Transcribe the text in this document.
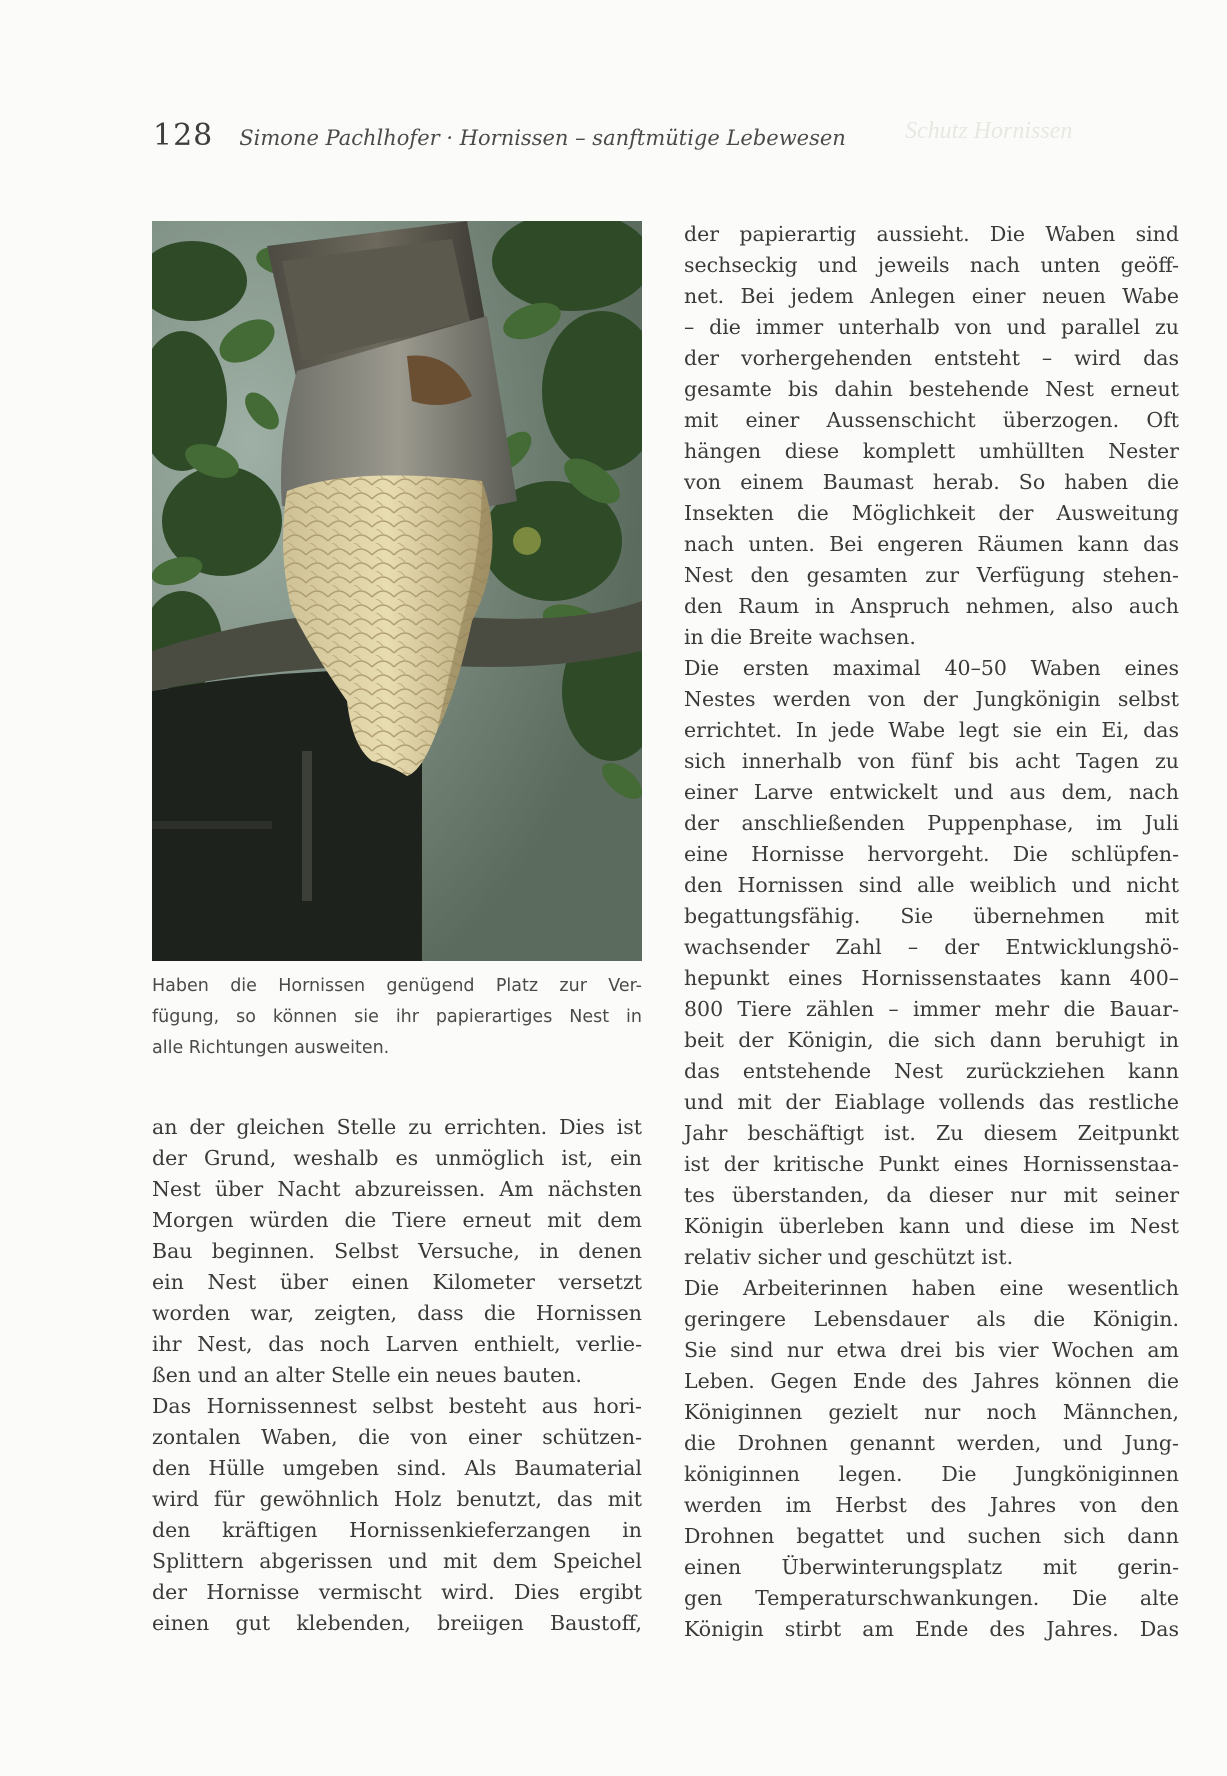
Schutz Hornissen
128 Simone Pachlhofer · Hornissen – sanftmütige Lebewesen

Haben die Hornissen genügend Platz zur Ver-
fügung, so können sie ihr papierartiges Nest in
alle Richtungen ausweiten.

an der gleichen Stelle zu errichten. Dies ist
der Grund, weshalb es unmöglich ist, ein
Nest über Nacht abzureissen. Am nächsten
Morgen würden die Tiere erneut mit dem
Bau beginnen. Selbst Versuche, in denen
ein Nest über einen Kilometer versetzt
worden war, zeigten, dass die Hornissen
ihr Nest, das noch Larven enthielt, verlie-
ßen und an alter Stelle ein neues bauten.
Das Hornissennest selbst besteht aus hori-
zontalen Waben, die von einer schützen-
den Hülle umgeben sind. Als Baumaterial
wird für gewöhnlich Holz benutzt, das mit
den kräftigen Hornissenkieferzangen in
Splittern abgerissen und mit dem Speichel
der Hornisse vermischt wird. Dies ergibt
einen gut klebenden, breiigen Baustoff,
der papierartig aussieht. Die Waben sind
sechseckig und jeweils nach unten geöff-
net. Bei jedem Anlegen einer neuen Wabe
– die immer unterhalb von und parallel zu
der vorhergehenden entsteht – wird das
gesamte bis dahin bestehende Nest erneut
mit einer Aussenschicht überzogen. Oft
hängen diese komplett umhüllten Nester
von einem Baumast herab. So haben die
Insekten die Möglichkeit der Ausweitung
nach unten. Bei engeren Räumen kann das
Nest den gesamten zur Verfügung stehen-
den Raum in Anspruch nehmen, also auch
in die Breite wachsen.
Die ersten maximal 40–50 Waben eines
Nestes werden von der Jungkönigin selbst
errichtet. In jede Wabe legt sie ein Ei, das
sich innerhalb von fünf bis acht Tagen zu
einer Larve entwickelt und aus dem, nach
der anschließenden Puppenphase, im Juli
eine Hornisse hervorgeht. Die schlüpfen-
den Hornissen sind alle weiblich und nicht
begattungsfähig. Sie übernehmen mit
wachsender Zahl – der Entwicklungshö-
hepunkt eines Hornissenstaates kann 400–
800 Tiere zählen – immer mehr die Bauar-
beit der Königin, die sich dann beruhigt in
das entstehende Nest zurückziehen kann
und mit der Eiablage vollends das restliche
Jahr beschäftigt ist. Zu diesem Zeitpunkt
ist der kritische Punkt eines Hornissenstaa-
tes überstanden, da dieser nur mit seiner
Königin überleben kann und diese im Nest
relativ sicher und geschützt ist.
Die Arbeiterinnen haben eine wesentlich
geringere Lebensdauer als die Königin.
Sie sind nur etwa drei bis vier Wochen am
Leben. Gegen Ende des Jahres können die
Königinnen gezielt nur noch Männchen,
die Drohnen genannt werden, und Jung-
königinnen legen. Die Jungköniginnen
werden im Herbst des Jahres von den
Drohnen begattet und suchen sich dann
einen Überwinterungsplatz mit gerin-
gen Temperaturschwankungen. Die alte
Königin stirbt am Ende des Jahres. Das
